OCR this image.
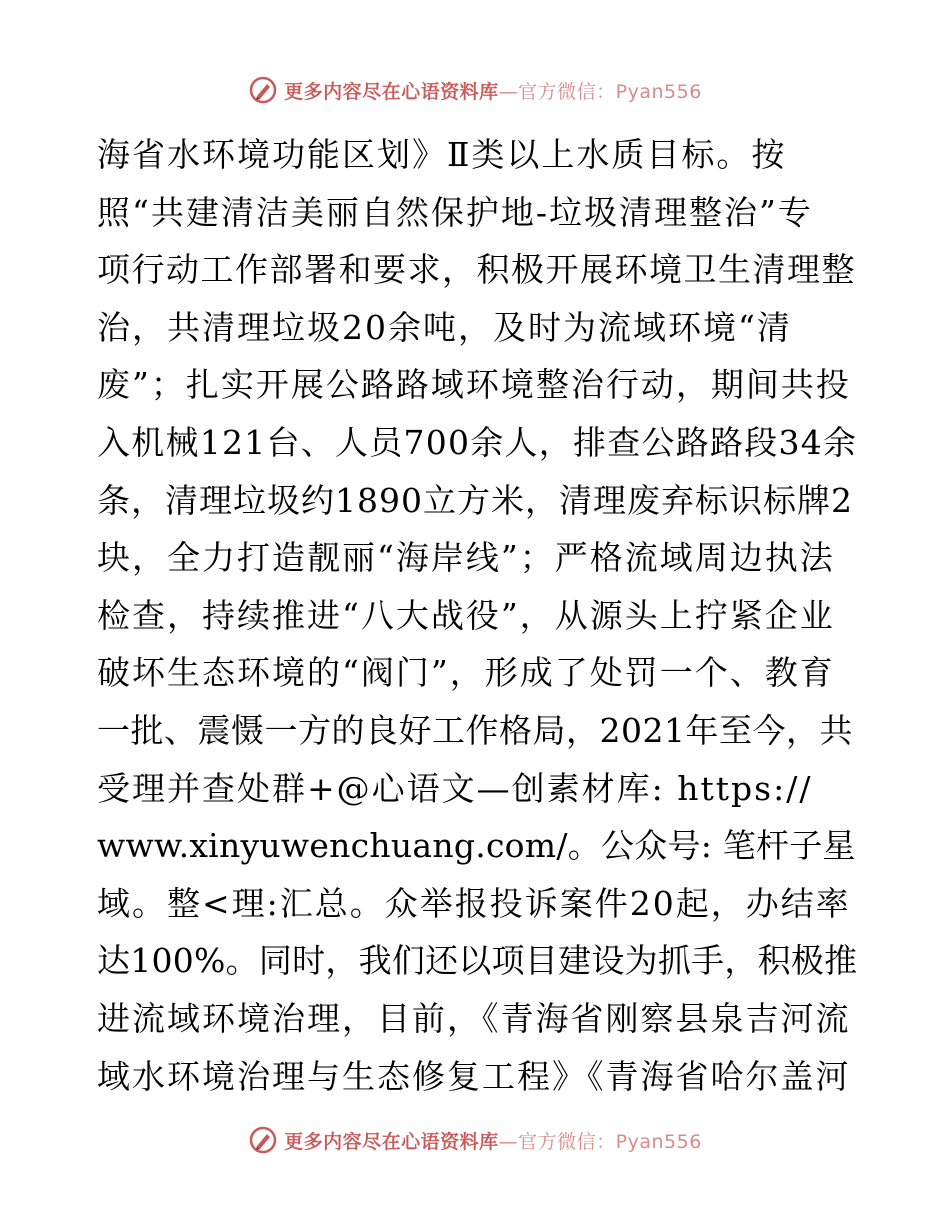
更多内容尽在心语资料库—官方微信：Pyan556
海省水环境功能区划》Ⅱ类以上水质目标。按
照“共建清洁美丽自然保护地-垃圾清理整治”专
项行动工作部署和要求，积极开展环境卫生清理整
治，共清理垃圾20余吨，及时为流域环境“清
废”；扎实开展公路路域环境整治行动，期间共投
入机械121台、人员700余人，排查公路路段34余
条，清理垃圾约1890立方米，清理废弃标识标牌2
块，全力打造靓丽“海岸线”；严格流域周边执法
检查，持续推进“八大战役”，从源头上拧紧企业
破坏生态环境的“阀门”，形成了处罚一个、教育
一批、震慑一方的良好工作格局，2021年至今，共
受理并查处群+@心语文—创素材库: https://
www.xinyuwenchuang.com/。公众号: 笔杆子星
域。整<理:汇总。众举报投诉案件20起，办结率
达100%。同时，我们还以项目建设为抓手，积极推
进流域环境治理，目前，《青海省刚察县泉吉河流
域水环境治理与生态修复工程》《青海省哈尔盖河
更多内容尽在心语资料库—官方微信：Pyan556
